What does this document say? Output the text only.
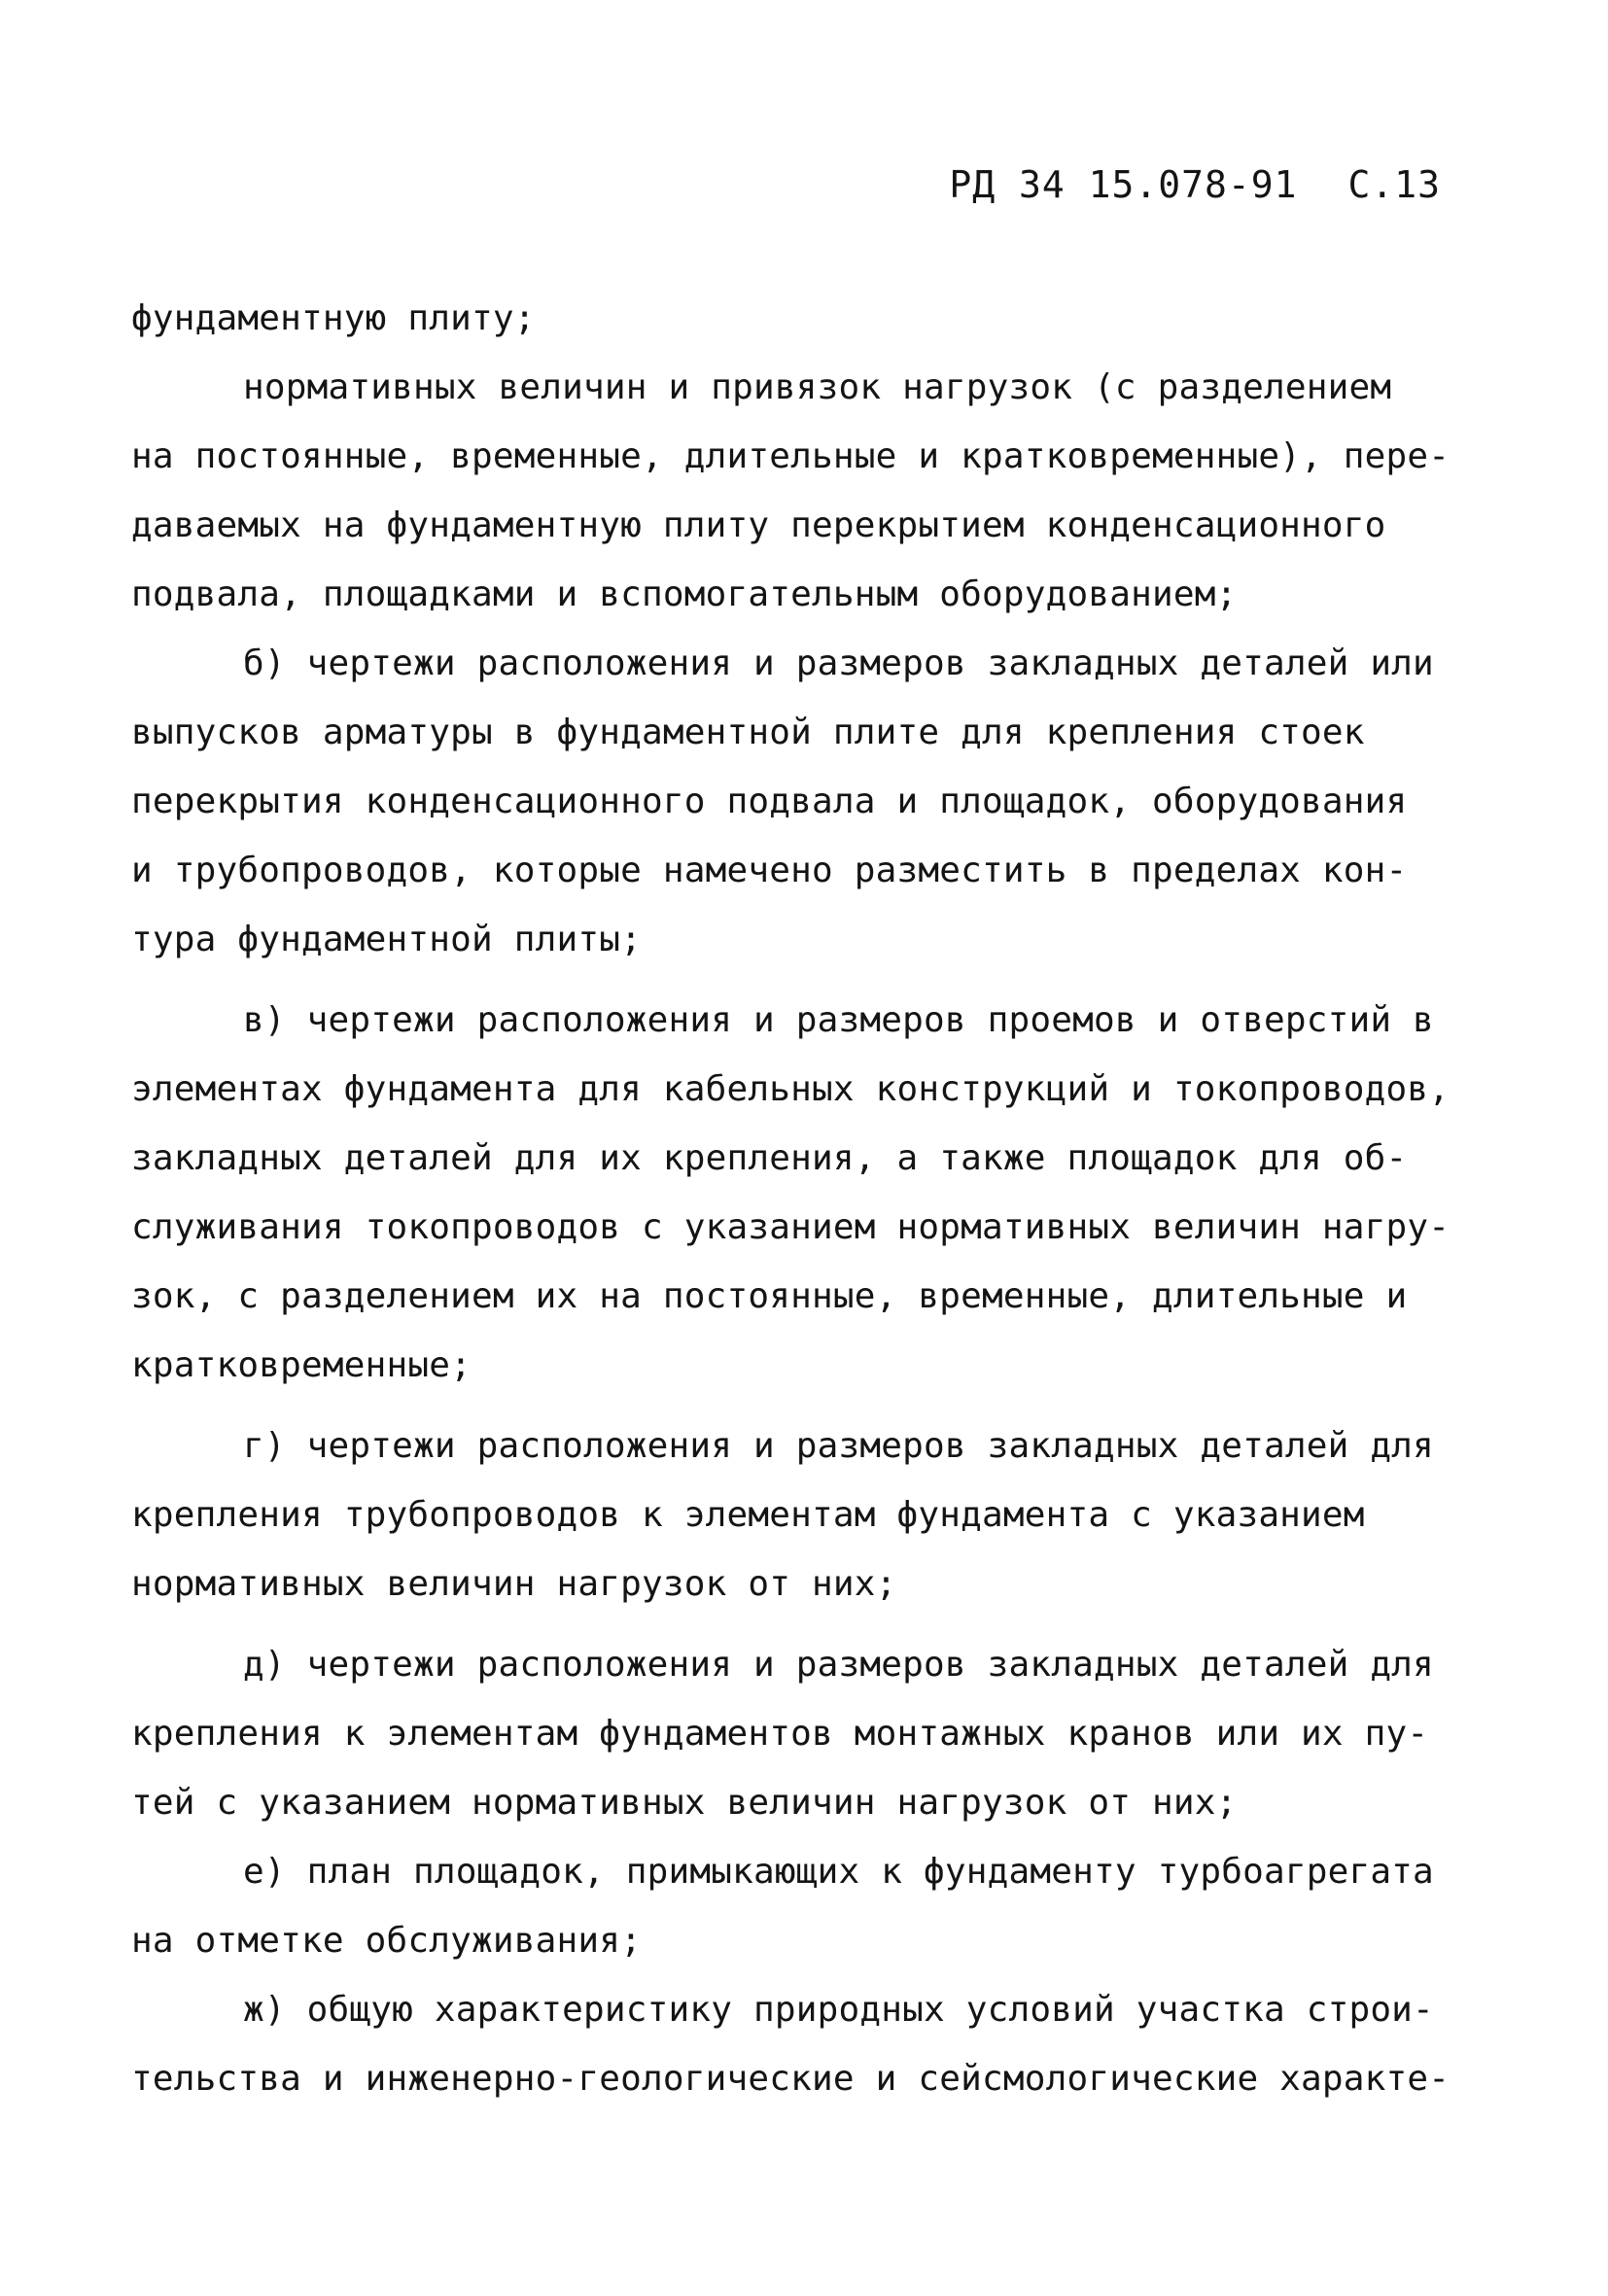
РД 34 15.078-91 С.13
фундаментную плиту;
нормативных величин и привязок нагрузок (с разделением
на постоянные, временные, длительные и кратковременные), пере-
даваемых на фундаментную плиту перекрытием конденсационного
подвала, площадками и вспомогательным оборудованием;
б) чертежи расположения и размеров закладных деталей или
выпусков арматуры в фундаментной плите для крепления стоек
перекрытия конденсационного подвала и площадок, оборудования
и трубопроводов, которые намечено разместить в пределах кон-
тура фундаментной плиты;
в) чертежи расположения и размеров проемов и отверстий в
элементах фундамента для кабельных конструкций и токопроводов,
закладных деталей для их крепления, а также площадок для об-
служивания токопроводов с указанием нормативных величин нагру-
зок, с разделением их на постоянные, временные, длительные и
кратковременные;
г) чертежи расположения и размеров закладных деталей для
крепления трубопроводов к элементам фундамента с указанием
нормативных величин нагрузок от них;
д) чертежи расположения и размеров закладных деталей для
крепления к элементам фундаментов монтажных кранов или их пу-
тей с указанием нормативных величин нагрузок от них;
е) план площадок, примыкающих к фундаменту турбоагрегата
на отметке обслуживания;
ж) общую характеристику природных условий участка строи-
тельства и инженерно-геологические и сейсмологические характе-
